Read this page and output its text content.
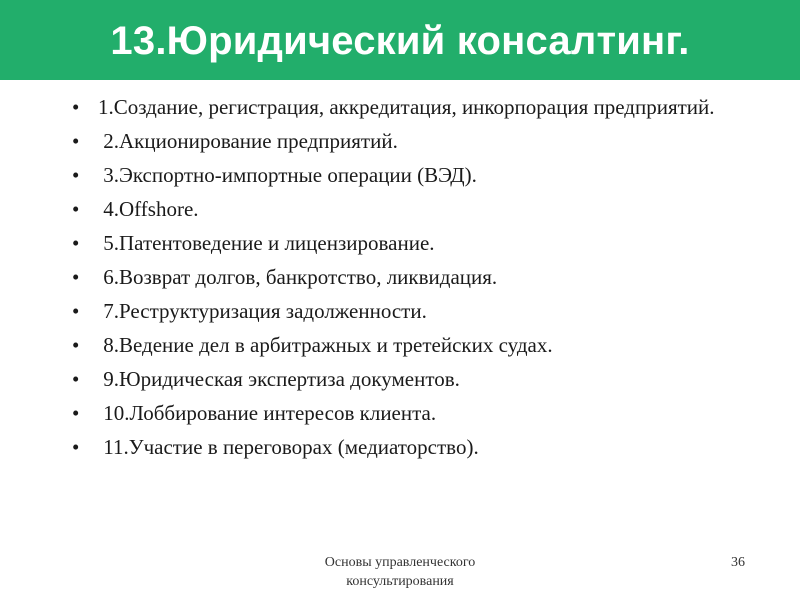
13.Юридический консалтинг.
• 1.Создание, регистрация, аккредитация, инкорпорация предприятий.
• 2.Акционирование предприятий.
• 3.Экспортно-импортные операции (ВЭД).
• 4.Offshore.
• 5.Патентоведение и лицензирование.
• 6.Возврат долгов, банкротство, ликвидация.
• 7.Реструктуризация задолженности.
• 8.Ведение дел в арбитражных и третейских судах.
• 9.Юридическая экспертиза документов.
• 10.Лоббирование интересов клиента.
• 11.Участие в переговорах (медиаторство).
Основы управленческого
консультирования
36
